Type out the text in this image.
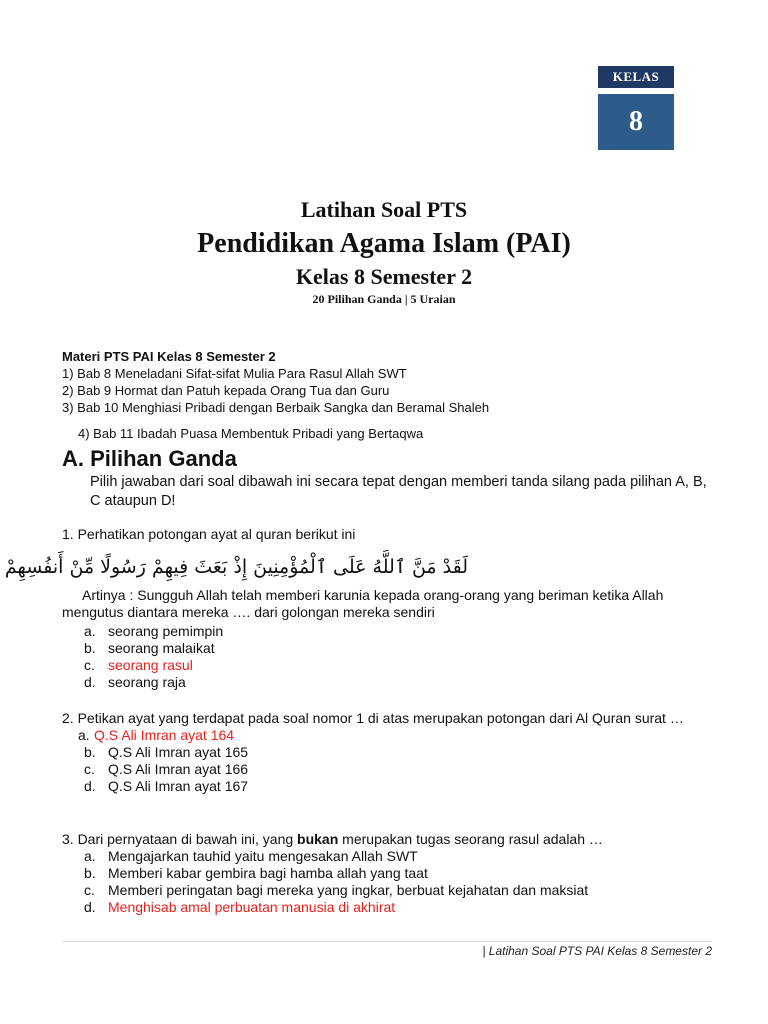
KELAS
8
Latihan Soal PTS
Pendidikan Agama Islam (PAI)
Kelas 8 Semester 2
20 Pilihan Ganda | 5 Uraian
Materi PTS PAI Kelas 8 Semester 2
1) Bab 8 Meneladani Sifat-sifat Mulia Para Rasul Allah SWT
2) Bab 9 Hormat dan Patuh kepada Orang Tua dan Guru
3) Bab 10 Menghiasi Pribadi dengan Berbaik Sangka dan Beramal Shaleh
4) Bab 11 Ibadah Puasa Membentuk Pribadi yang Bertaqwa
A. Pilihan Ganda
Pilih jawaban dari soal dibawah ini secara tepat dengan memberi tanda silang pada pilihan A, B, C ataupun D!
1. Perhatikan potongan ayat al quran berikut ini
لَقَدْ مَنَّ ٱللَّهُ عَلَى ٱلْمُؤْمِنِينَ إِذْ بَعَثَ فِيهِمْ رَسُولًا مِّنْ أَنفُسِهِمْ
Artinya : Sungguh Allah telah memberi karunia kepada orang-orang yang beriman ketika Allah
mengutus diantara mereka …. dari golongan mereka sendiri
a. seorang pemimpin
b. seorang malaikat
c. seorang rasul
d. seorang raja
2. Petikan ayat yang terdapat pada soal nomor 1 di atas merupakan potongan dari Al Quran surat …
a. Q.S Ali Imran ayat 164
b. Q.S Ali Imran ayat 165
c. Q.S Ali Imran ayat 166
d. Q.S Ali Imran ayat 167
3. Dari pernyataan di bawah ini, yang bukan merupakan tugas seorang rasul adalah …
a. Mengajarkan tauhid yaitu mengesakan Allah SWT
b. Memberi kabar gembira bagi hamba allah yang taat
c. Memberi peringatan bagi mereka yang ingkar, berbuat kejahatan dan maksiat
d. Menghisab amal perbuatan manusia di akhirat
| Latihan Soal PTS PAI Kelas 8 Semester 2
